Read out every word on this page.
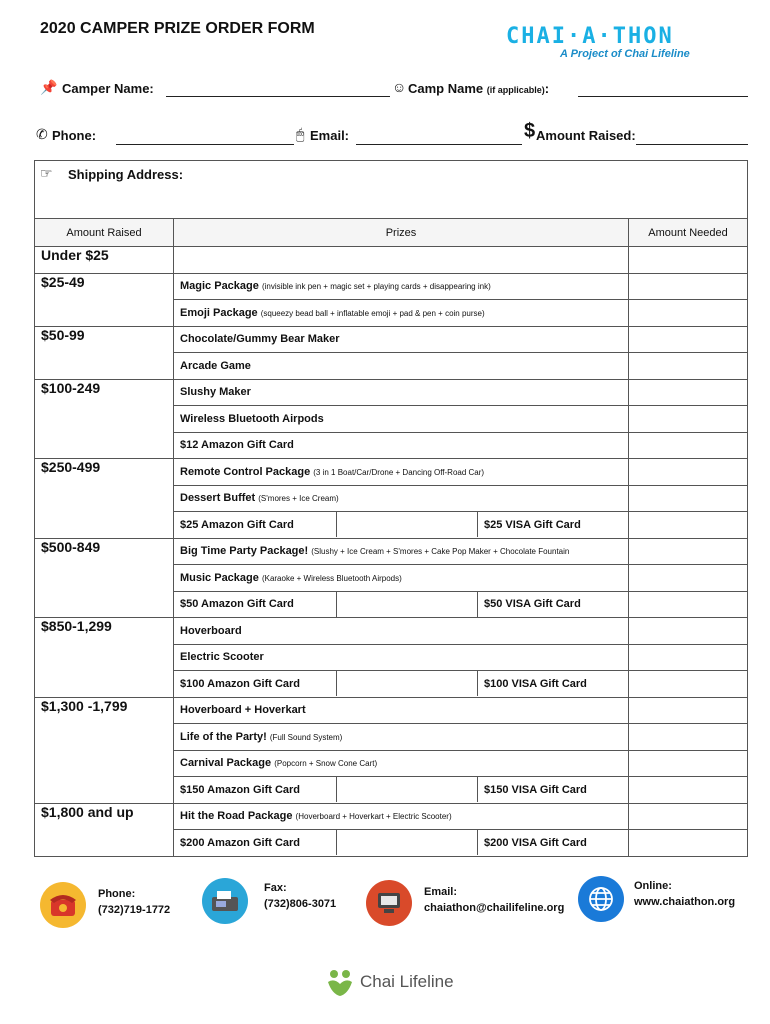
2020 CAMPER PRIZE ORDER FORM	CHAI·A·THON
A Project of Chai Lifeline
📌 Camper Name:	☺ Camp Name (if applicable):
✆ Phone:	🖱 Email:	$ Amount Raised:
☞ Shipping Address:
Amount Raised	Prizes	Amount Needed
Under $25		
$25-49	Magic Package (invisible ink pen + magic set + playing cards + disappearing ink)	
	Emoji Package (squeezy bead ball + inflatable emoji + pad & pen + coin purse)	
$50-99	Chocolate/Gummy Bear Maker	
	Arcade Game	
$100-249	Slushy Maker	
	Wireless Bluetooth Airpods	
	$12 Amazon Gift Card	
$250-499	Remote Control Package (3 in 1 Boat/Car/Drone + Dancing Off-Road Car)	
	Dessert Buffet (S'mores + Ice Cream)	

$25 Amazon Gift Card $25 VISA Gift Card	

$500-849	Big Time Party Package! (Slushy + Ice Cream + S'mores + Cake Pop Maker + Chocolate Fountain	
	Music Package (Karaoke + Wireless Bluetooth Airpods)	

$50 Amazon Gift Card $50 VISA Gift Card	

$850-1,299	Hoverboard	
	Electric Scooter	

$100 Amazon Gift Card $100 VISA Gift Card	

$1,300 -1,799	Hoverboard + Hoverkart	
	Life of the Party! (Full Sound System)	
	Carnival Package (Popcorn + Snow Cone Cart)	

$150 Amazon Gift Card $150 VISA Gift Card	

$1,800 and up	Hit the Road Package (Hoverboard + Hoverkart + Electric Scooter)	

$200 Amazon Gift Card $200 VISA Gift Card	

Phone:
(732)719-1772
Fax:
(732)806-3071
Email:
chaiathon@chailifeline.org
Online:
www.chaiathon.org
Chai Lifeline
